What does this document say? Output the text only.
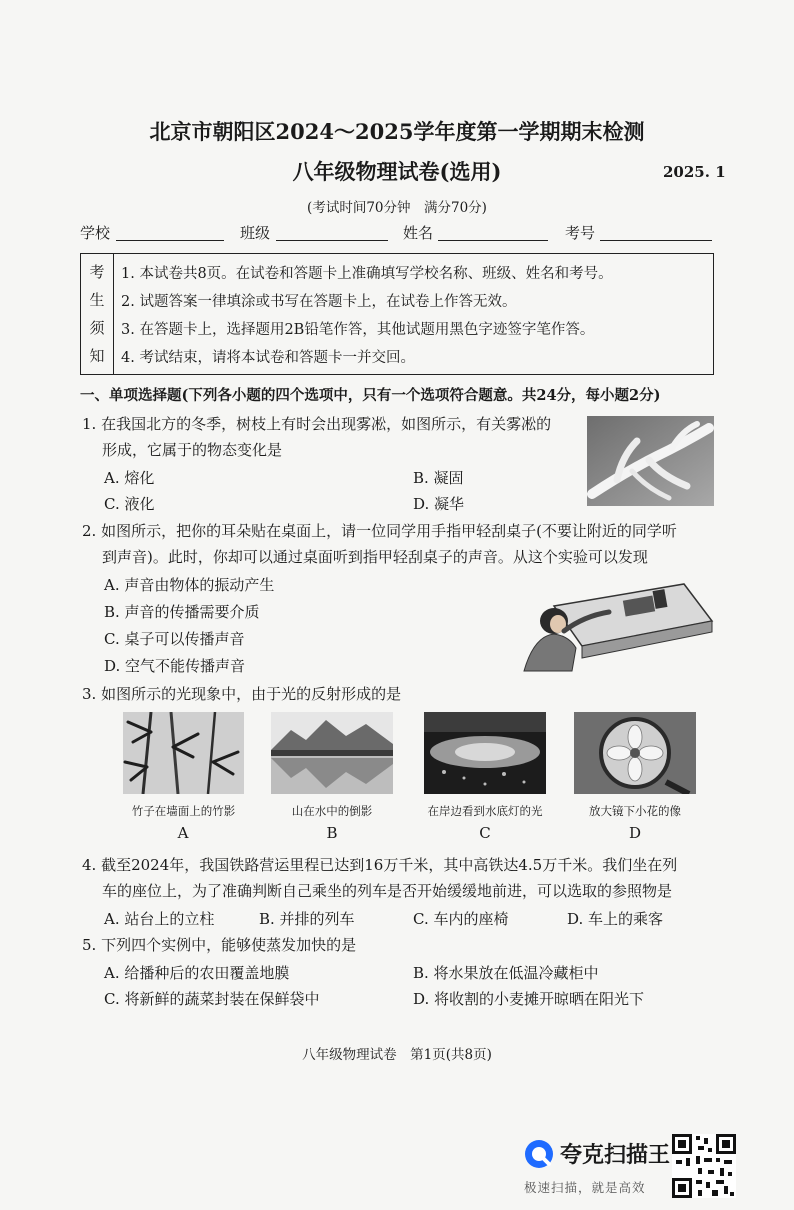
北京市朝阳区2024～2025学年度第一学期期末检测
八年级物理试卷(选用)	2025. 1
(考试时间70分钟　满分70分)
学校	班级	姓名	考号
考
生
须
知
1. 本试卷共8页。在试卷和答题卡上准确填写学校名称、班级、姓名和考号。
2. 试题答案一律填涂或书写在答题卡上，在试卷上作答无效。
3. 在答题卡上，选择题用2B铅笔作答，其他试题用黑色字迹签字笔作答。
4. 考试结束，请将本试卷和答题卡一并交回。
一、单项选择题(下列各小题的四个选项中，只有一个选项符合题意。共24分，每小题2分)
1. 在我国北方的冬季，树枝上有时会出现雾凇，如图所示，有关雾凇的
形成，它属于的物态变化是
A. 熔化	B. 凝固
C. 液化	D. 凝华
2. 如图所示，把你的耳朵贴在桌面上，请一位同学用手指甲轻刮桌子(不要让附近的同学听
到声音)。此时，你却可以通过桌面听到指甲轻刮桌子的声音。从这个实验可以发现
A. 声音由物体的振动产生
B. 声音的传播需要介质
C. 桌子可以传播声音
D. 空气不能传播声音
3. 如图所示的光现象中，由于光的反射形成的是
竹子在墙面上的竹影	山在水中的倒影	在岸边看到水底灯的光	放大镜下小花的像
A	B	C	D
4. 截至2024年，我国铁路营运里程已达到16万千米，其中高铁达4.5万千米。我们坐在列
车的座位上，为了准确判断自己乘坐的列车是否开始缓缓地前进，可以选取的参照物是
A. 站台上的立柱	B. 并排的列车	C. 车内的座椅	D. 车上的乘客
5. 下列四个实例中，能够使蒸发加快的是
A. 给播种后的农田覆盖地膜	B. 将水果放在低温冷藏柜中
C. 将新鲜的蔬菜封装在保鲜袋中	D. 将收割的小麦摊开晾晒在阳光下
八年级物理试卷　第1页(共8页)
夸克扫描王
极速扫描，就是高效
